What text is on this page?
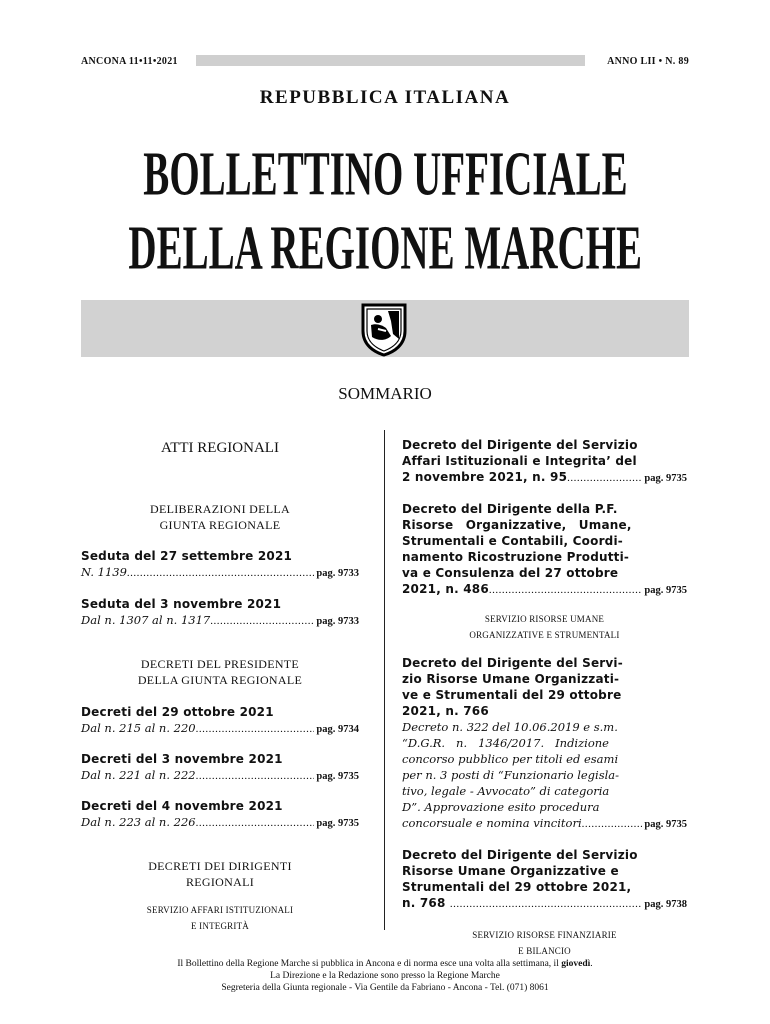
ANCONA 11•11•2021	ANNO LII • N. 89
REPUBBLICA ITALIANA
BOLLETTINO UFFICIALE
DELLA REGIONE MARCHE
SOMMARIO
ATTI REGIONALI
DELIBERAZIONI DELLA
GIUNTA REGIONALE
Seduta del 27 settembre 2021
N. 1139 .....	pag. 9733
Seduta del 3 novembre 2021
Dal n. 1307 al n. 1317 .....	pag. 9733
DECRETI DEL PRESIDENTE
DELLA GIUNTA REGIONALE
Decreti del 29 ottobre 2021
Dal n. 215 al n. 220 .....	pag. 9734
Decreti del 3 novembre 2021
Dal n. 221 al n. 222 .....	pag. 9735
Decreti del 4 novembre 2021
Dal n. 223 al n. 226 .....	pag. 9735
DECRETI DEI DIRIGENTI
REGIONALI
SERVIZIO AFFARI ISTITUZIONALI
E INTEGRITÀ
Decreto del Dirigente del Servizio
Affari Istituzionali e Integrita’ del
2 novembre 2021, n. 95 .....	pag. 9735
Decreto del Dirigente della P.F.
Risorse Organizzative, Umane,
Strumentali e Contabili, Coordi-
namento Ricostruzione Produtti-
va e Consulenza del 27 ottobre
2021, n. 486 .....	pag. 9735
SERVIZIO RISORSE UMANE
ORGANIZZATIVE E STRUMENTALI
Decreto del Dirigente del Servi-
zio Risorse Umane Organizzati-
ve e Strumentali del 29 ottobre
2021, n. 766
Decreto n. 322 del 10.06.2019 e s.m.
“D.G.R.   n.   1346/2017.   Indizione
concorso pubblico per titoli ed esami
per n. 3 posti di “Funzionario legisla-
tivo, legale - Avvocato” di categoria
D”. Approvazione esito procedura
concorsuale e nomina vincitori .....	pag. 9735
Decreto del Dirigente del Servizio
Risorse Umane Organizzative e
Strumentali del 29 ottobre 2021,
n. 768 .....	pag. 9738
SERVIZIO RISORSE FINANZIARIE
E BILANCIO
Il Bollettino della Regione Marche si pubblica in Ancona e di norma esce una volta alla settimana, il giovedì.
La Direzione e la Redazione sono presso la Regione Marche
Segreteria della Giunta regionale - Via Gentile da Fabriano - Ancona - Tel. (071) 8061
